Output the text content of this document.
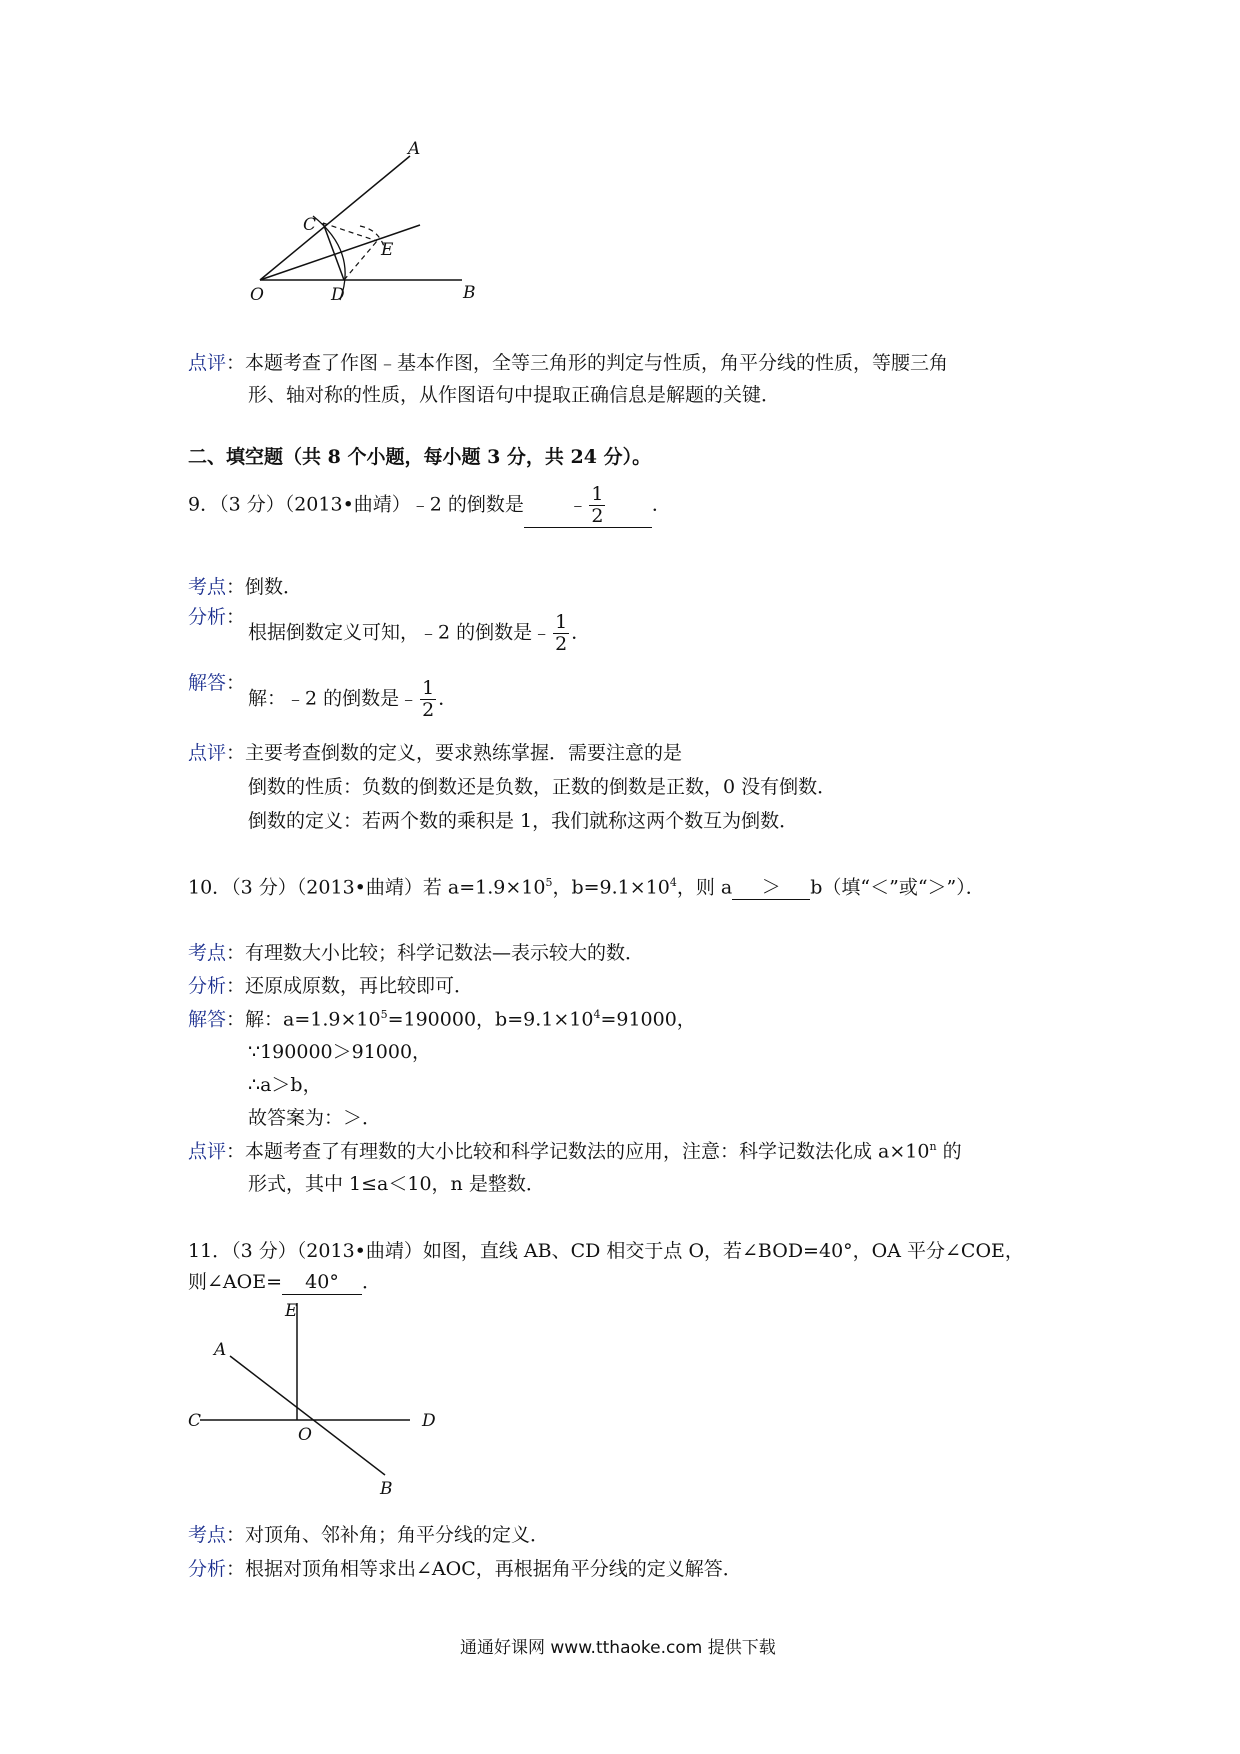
A
C
E
O	D	B
点评：本题考查了作图﹣基本作图，全等三角形的判定与性质，角平分线的性质，等腰三角
形、轴对称的性质，从作图语句中提取正确信息是解题的关键．
二、填空题（共 8 个小题，每小题 3 分，共 24 分）。
9．（3 分）（2013•曲靖）﹣2 的倒数是 ﹣ $\frac{1}{2}$ ．
考点：倒数．
分析：
根据倒数定义可知，﹣2 的倒数是﹣ $\frac{1}{2}$ ．
解答：
解：﹣2 的倒数是﹣ $\frac{1}{2}$ ．
点评：主要考查倒数的定义，要求熟练掌握．需要注意的是
倒数的性质：负数的倒数还是负数，正数的倒数是正数，0 没有倒数．
倒数的定义：若两个数的乘积是 1，我们就称这两个数互为倒数．
10．（3 分）（2013•曲靖）若 $a=1.9\times 10^5$，$b=9.1\times 10^4$，则 a ＞ b（填“＜”或“＞”）．
考点：有理数大小比较；科学记数法—表示较大的数．
分析：还原成原数，再比较即可．
解答：解：$a=1.9\times 10^5=190000$，$b=9.1\times 10^4=91000$，
∵190000＞91000，
∴a＞b，
故答案为：＞．
点评：本题考查了有理数的大小比较和科学记数法的应用，注意：科学记数法化成 $a\times 10^n$ 的
形式，其中 1≤a＜10，n 是整数．
11．（3 分）（2013•曲靖）如图，直线 AB、CD 相交于点 O，若∠BOD=40°，OA 平分∠COE，
则∠AOE= 40° ．
E
A
C
O
D
B
考点：对顶角、邻补角；角平分线的定义．
分析：根据对顶角相等求出∠AOC，再根据角平分线的定义解答．
通通好课网 www.tthaoke.com 提供下载
